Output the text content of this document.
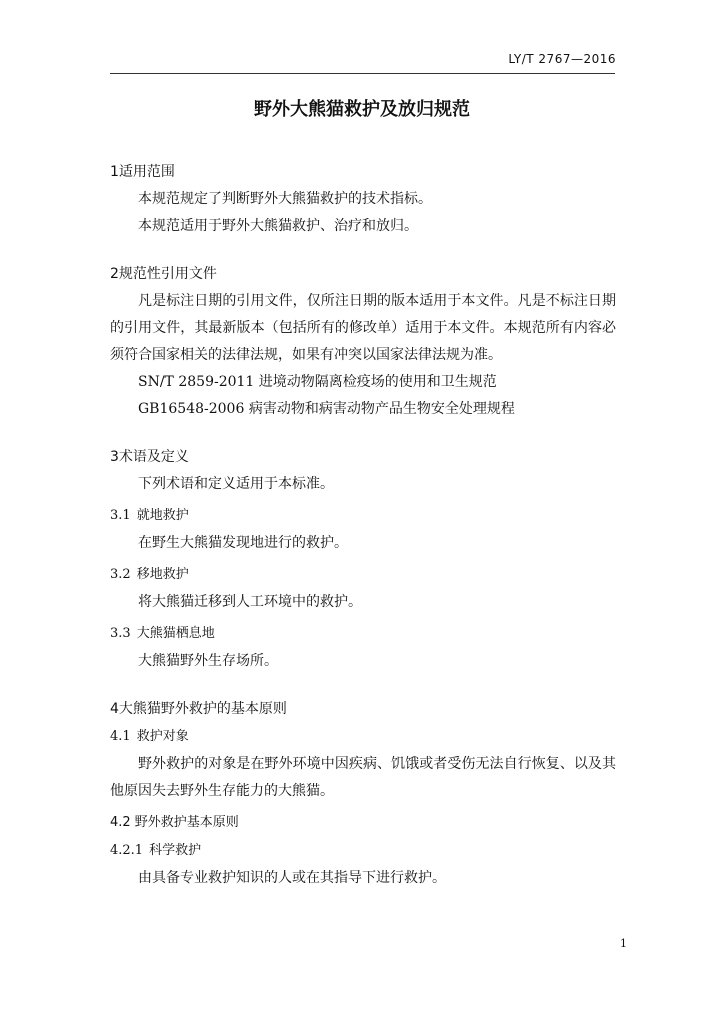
LY/T 2767—2016
野外大熊猫救护及放归规范

1适用范围

本规范规定了判断野外大熊猫救护的技术指标。

本规范适用于野外大熊猫救护、治疗和放归。

2规范性引用文件

凡是标注日期的引用文件，仅所注日期的版本适用于本文件。凡是不标注日期的引用文件，其最新版本（包括所有的修改单）适用于本文件。本规范所有内容必须符合国家相关的法律法规，如果有冲突以国家法律法规为准。

SN/T 2859-2011 进境动物隔离检疫场的使用和卫生规范

GB16548-2006 病害动物和病害动物产品生物安全处理规程

3术语及定义

下列术语和定义适用于本标准。

3.1 就地救护

在野生大熊猫发现地进行的救护。

3.2 移地救护

将大熊猫迁移到人工环境中的救护。

3.3 大熊猫栖息地

大熊猫野外生存场所。

4大熊猫野外救护的基本原则

4.1 救护对象

野外救护的对象是在野外环境中因疾病、饥饿或者受伤无法自行恢复、以及其他原因失去野外生存能力的大熊猫。

4.2 野外救护基本原则

4.2.1 科学救护

由具备专业救护知识的人或在其指导下进行救护。

1
